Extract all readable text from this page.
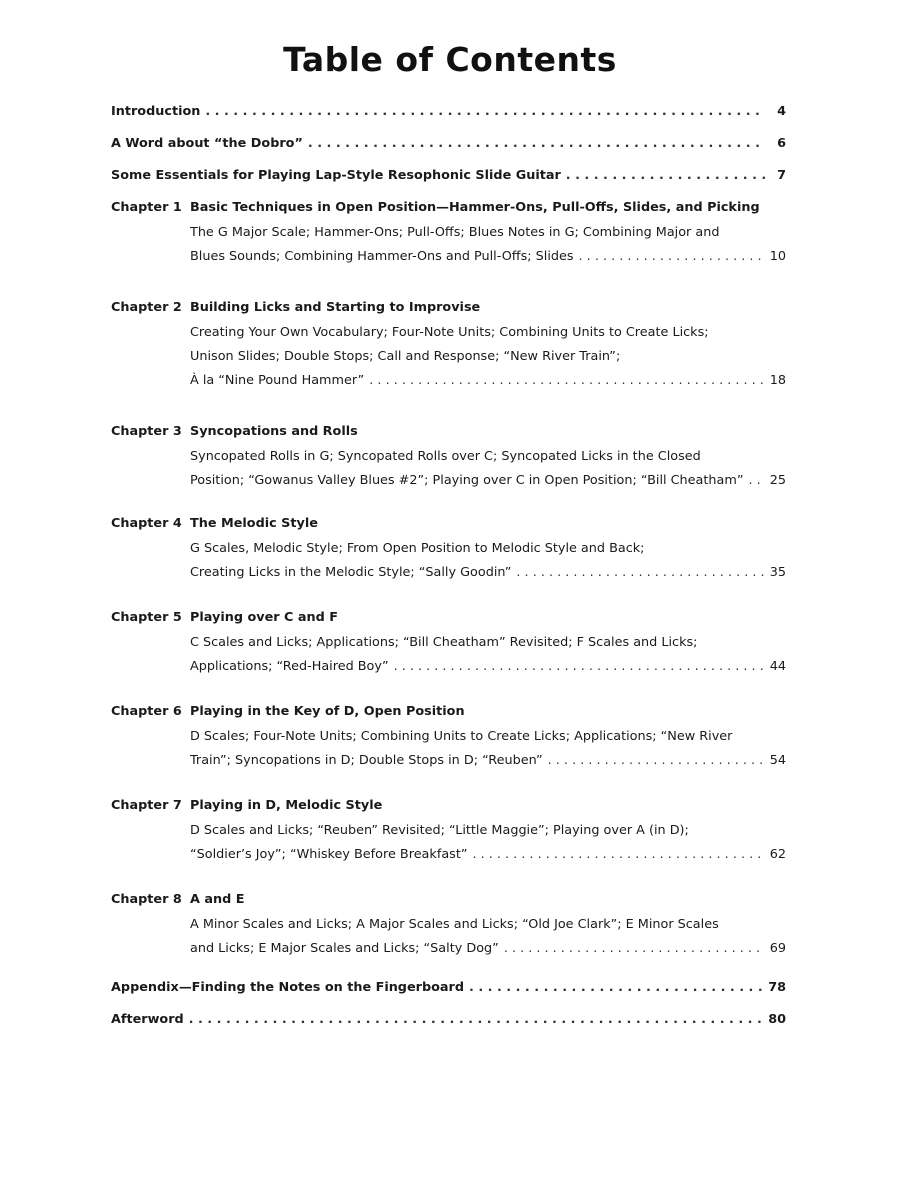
Table of Contents
Introduction . . .	4
A Word about “the Dobro” . . .	6
Some Essentials for Playing Lap-Style Resophonic Slide Guitar . . .	7
Chapter 1 Basic Techniques in Open Position—Hammer-Ons, Pull-Offs, Slides, and Picking
The G Major Scale; Hammer-Ons; Pull-Offs; Blues Notes in G; Combining Major and
Blues Sounds; Combining Hammer-Ons and Pull-Offs; Slides . . .	10
Chapter 2 Building Licks and Starting to Improvise
Creating Your Own Vocabulary; Four-Note Units; Combining Units to Create Licks;
Unison Slides; Double Stops; Call and Response; “New River Train”;
À la “Nine Pound Hammer” . . .	18
Chapter 3 Syncopations and Rolls
Syncopated Rolls in G; Syncopated Rolls over C; Syncopated Licks in the Closed
Position; “Gowanus Valley Blues #2”; Playing over C in Open Position; “Bill Cheatham” . . . 25
Chapter 4 The Melodic Style
G Scales, Melodic Style; From Open Position to Melodic Style and Back;
Creating Licks in the Melodic Style; “Sally Goodin” . . .	35
Chapter 5 Playing over C and F
C Scales and Licks; Applications; “Bill Cheatham” Revisited; F Scales and Licks;
Applications; “Red-Haired Boy” . . .	44
Chapter 6 Playing in the Key of D, Open Position
D Scales; Four-Note Units; Combining Units to Create Licks; Applications; “New River
Train”; Syncopations in D; Double Stops in D; “Reuben” . . .	54
Chapter 7 Playing in D, Melodic Style
D Scales and Licks; “Reuben” Revisited; “Little Maggie”; Playing over A (in D);
“Soldier’s Joy”; “Whiskey Before Breakfast” . . .	62
Chapter 8 A and E
A Minor Scales and Licks; A Major Scales and Licks; “Old Joe Clark”; E Minor Scales
and Licks; E Major Scales and Licks; “Salty Dog” . . .	69
Appendix—Finding the Notes on the Fingerboard . . .	78
Afterword . . .	80
